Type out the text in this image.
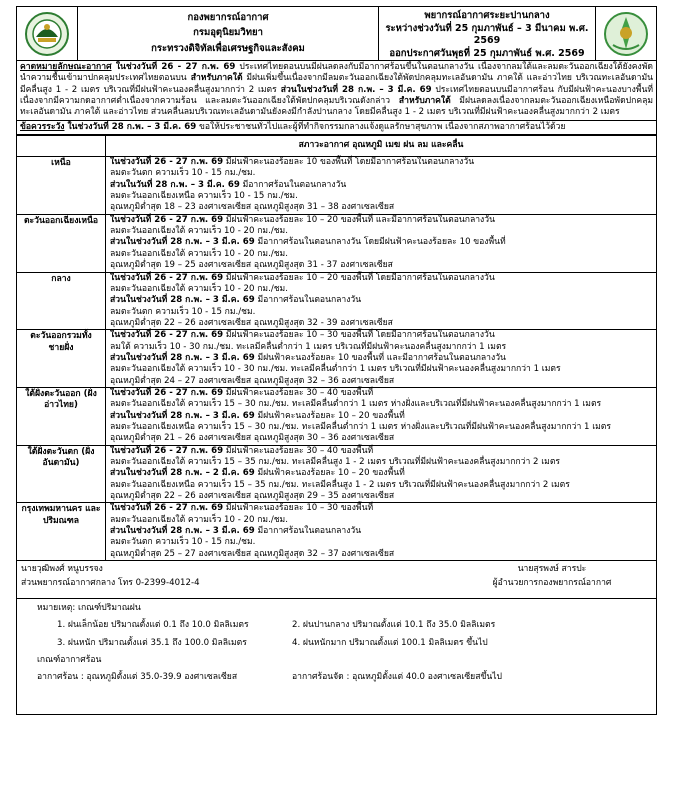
กองพยากรณ์อากาศ
กรมอุตุนิยมวิทยา
กระทรวงดิจิทัลเพื่อเศรษฐกิจและสังคม
พยากรณ์อากาศระยะปานกลาง
ระหว่างช่วงวันที่ 25 กุมภาพันธ์ – 3 มีนาคม พ.ศ. 2569
ออกประกาศวันพุธที่ 25 กุมภาพันธ์ พ.ศ. 2569
คาดหมายลักษณะอากาศ ในช่วงวันที่ 26 - 27 ก.พ. 69 ประเทศไทยตอนบนมีฝนลดลงกับมีอากาศร้อนขึ้นในตอนกลางวัน เนื่องจากลมใต้และลมตะวันออกเฉียงใต้ยังคงพัดนำความชื้นเข้ามาปกคลุมประเทศไทยตอนบน สำหรับภาคใต้ มีฝนเพิ่มขึ้นเนื่องจากมีลมตะวันออกเฉียงใต้พัดปกคลุมทะเลอันดามัน ภาคใต้ และอ่าวไทย บริเวณทะเลอันดามันมีคลื่นสูง 1 - 2 เมตร บริเวณที่มีฝนฟ้าคะนองคลื่นสูงมากกว่า 2 เมตร ส่วนในช่วงวันที่ 28 ก.พ. – 3 มี.ค. 69 ประเทศไทยตอนบนมีอากาศร้อน กับมีฝนฟ้าคะนองบางพื้นที่ เนื่องจากมีความกดอากาศต่ำเนื่องจากความร้อน และลมตะวันออกเฉียงใต้พัดปกคลุมบริเวณดังกล่าว สำหรับภาคใต้ มีฝนลดลงเนื่องจากลมตะวันออกเฉียงเหนือพัดปกคลุมทะเลอันดามัน ภาคใต้ และอ่าวไทย ส่วนคลื่นลมบริเวณทะเลอันดามันยังคงมีกำลังปานกลาง โดยมีคลื่นสูง 1 - 2 เมตร บริเวณที่มีฝนฟ้าคะนองคลื่นสูงมากกว่า 2 เมตร
ข้อควรระวัง ในช่วงวันที่ 28 ก.พ. – 3 มี.ค. 69 ขอให้ประชาชนทั่วไปและผู้ที่ทำกิจกรรมกลางแจ้งดูแลรักษาสุขภาพ เนื่องจากสภาพอากาศร้อนไว้ด้วย
	สภาวะอากาศ อุณหภูมิ เมฆ ฝน ลม และคลื่น
เหนือ	ในช่วงวันที่ 26 - 27 ก.พ. 69 มีฝนฟ้าคะนองร้อยละ 10 ของพื้นที่ โดยมีอากาศร้อนในตอนกลางวัน
ลมตะวันตก ความเร็ว 10 - 15 กม./ชม.
ส่วนในวันที่ 28 ก.พ. – 3 มี.ค. 69 มีอากาศร้อนในตอนกลางวัน
ลมตะวันออกเฉียงเหนือ ความเร็ว 10 - 15 กม./ชม.
อุณหภูมิต่ำสุด 18 – 23 องศาเซลเซียส อุณหภูมิสูงสุด 31 – 38 องศาเซลเซียส

ตะวันออกเฉียงเหนือ	ในช่วงวันที่ 26 - 27 ก.พ. 69 มีฝนฟ้าคะนองร้อยละ 10 – 20 ของพื้นที่ และมีอากาศร้อนในตอนกลางวัน
ลมตะวันออกเฉียงใต้ ความเร็ว 10 - 20 กม./ชม.
ส่วนในช่วงวันที่ 28 ก.พ. – 3 มี.ค. 69 มีอากาศร้อนในตอนกลางวัน โดยมีฝนฟ้าคะนองร้อยละ 10 ของพื้นที่
ลมตะวันออกเฉียงใต้ ความเร็ว 10 - 20 กม./ชม.
อุณหภูมิต่ำสุด 19 – 25 องศาเซลเซียส อุณหภูมิสูงสุด 31 - 37 องศาเซลเซียส

กลาง	ในช่วงวันที่ 26 - 27 ก.พ. 69 มีฝนฟ้าคะนองร้อยละ 10 – 20 ของพื้นที่ โดยมีอากาศร้อนในตอนกลางวัน
ลมตะวันออกเฉียงใต้ ความเร็ว 10 - 20 กม./ชม.
ส่วนในช่วงวันที่ 28 ก.พ. – 3 มี.ค. 69 มีอากาศร้อนในตอนกลางวัน
ลมตะวันตก ความเร็ว 10 - 15 กม./ชม.
อุณหภูมิต่ำสุด 22 – 26 องศาเซลเซียส อุณหภูมิสูงสุด 32 - 39 องศาเซลเซียส

ตะวันออกรวมทั้งชายฝั่ง	ในช่วงวันที่ 26 - 27 ก.พ. 69 มีฝนฟ้าคะนองร้อยละ 10 – 30 ของพื้นที่ โดยมีอากาศร้อนในตอนกลางวัน
ลมใต้ ความเร็ว 10 - 30 กม./ชม. ทะเลมีคลื่นต่ำกว่า 1 เมตร บริเวณที่มีฝนฟ้าคะนองคลื่นสูงมากกว่า 1 เมตร
ส่วนในช่วงวันที่ 28 ก.พ. – 3 มี.ค. 69 มีฝนฟ้าคะนองร้อยละ 10 ของพื้นที่ และมีอากาศร้อนในตอนกลางวัน
ลมตะวันออกเฉียงใต้ ความเร็ว 10 - 30 กม./ชม. ทะเลมีคลื่นต่ำกว่า 1 เมตร บริเวณที่มีฝนฟ้าคะนองคลื่นสูงมากกว่า 1 เมตร
อุณหภูมิต่ำสุด 24 – 27 องศาเซลเซียส อุณหภูมิสูงสุด 32 – 36 องศาเซลเซียส

ใต้ฝั่งตะวันออก (ฝั่งอ่าวไทย)	ในช่วงวันที่ 26 - 27 ก.พ. 69 มีฝนฟ้าคะนองร้อยละ 30 – 40 ของพื้นที่
ลมตะวันออกเฉียงใต้ ความเร็ว 15 – 30 กม./ชม. ทะเลมีคลื่นต่ำกว่า 1 เมตร ห่างฝั่งและบริเวณที่มีฝนฟ้าคะนองคลื่นสูงมากกว่า 1 เมตร
ส่วนในช่วงวันที่ 28 ก.พ. – 3 มี.ค. 69 มีฝนฟ้าคะนองร้อยละ 10 – 20 ของพื้นที่
ลมตะวันออกเฉียงเหนือ ความเร็ว 15 – 30 กม./ชม. ทะเลมีคลื่นต่ำกว่า 1 เมตร ห่างฝั่งและบริเวณที่มีฝนฟ้าคะนองคลื่นสูงมากกว่า 1 เมตร
อุณหภูมิต่ำสุด 21 – 26 องศาเซลเซียส อุณหภูมิสูงสุด 30 – 36 องศาเซลเซียส

ใต้ฝั่งตะวันตก (ฝั่งอันดามัน)	ในช่วงวันที่ 26 - 27 ก.พ. 69 มีฝนฟ้าคะนองร้อยละ 30 – 40 ของพื้นที่
ลมตะวันออกเฉียงใต้ ความเร็ว 15 – 35 กม./ชม. ทะเลมีคลื่นสูง 1 - 2 เมตร บริเวณที่มีฝนฟ้าคะนองคลื่นสูงมากกว่า 2 เมตร
ส่วนในช่วงวันที่ 28 ก.พ. – 2 มี.ค. 69 มีฝนฟ้าคะนองร้อยละ 10 – 20 ของพื้นที่
ลมตะวันออกเฉียงเหนือ ความเร็ว 15 – 35 กม./ชม. ทะเลมีคลื่นสูง 1 - 2 เมตร บริเวณที่มีฝนฟ้าคะนองคลื่นสูงมากกว่า 2 เมตร
อุณหภูมิต่ำสุด 22 – 26 องศาเซลเซียส อุณหภูมิสูงสุด 29 – 35 องศาเซลเซียส

กรุงเทพมหานคร และปริมณฑล	ในช่วงวันที่ 26 - 27 ก.พ. 69 มีฝนฟ้าคะนองร้อยละ 10 – 30 ของพื้นที่
ลมตะวันออกเฉียงใต้ ความเร็ว 10 - 20 กม./ชม.
ส่วนในช่วงวันที่ 28 ก.พ. – 3 มี.ค. 69 มีอากาศร้อนในตอนกลางวัน
ลมตะวันตก ความเร็ว 10 - 15 กม./ชม.
อุณหภูมิต่ำสุด 25 – 27 องศาเซลเซียส อุณหภูมิสูงสุด 32 – 37 องศาเซลเซียส
นายวุฒิพงศ์ หนูบรรจง
ส่วนพยากรณ์อากาศกลาง โทร 0-2399-4012-4
นายสุรพงษ์ สารปะ
ผู้อำนวยการกองพยากรณ์อากาศ
หมายเหตุ: เกณฑ์ปริมาณฝน
1. ฝนเล็กน้อย ปริมาณตั้งแต่ 0.1 ถึง 10.0 มิลลิเมตร	2. ฝนปานกลาง ปริมาณตั้งแต่ 10.1 ถึง 35.0 มิลลิเมตร
3. ฝนหนัก ปริมาณตั้งแต่ 35.1 ถึง 100.0 มิลลิเมตร	4. ฝนหนักมาก ปริมาณตั้งแต่ 100.1 มิลลิเมตร ขึ้นไป
เกณฑ์อากาศร้อน
อากาศร้อน : อุณหภูมิตั้งแต่ 35.0-39.9 องศาเซลเซียส	อากาศร้อนจัด : อุณหภูมิตั้งแต่ 40.0 องศาเซลเซียสขึ้นไป
